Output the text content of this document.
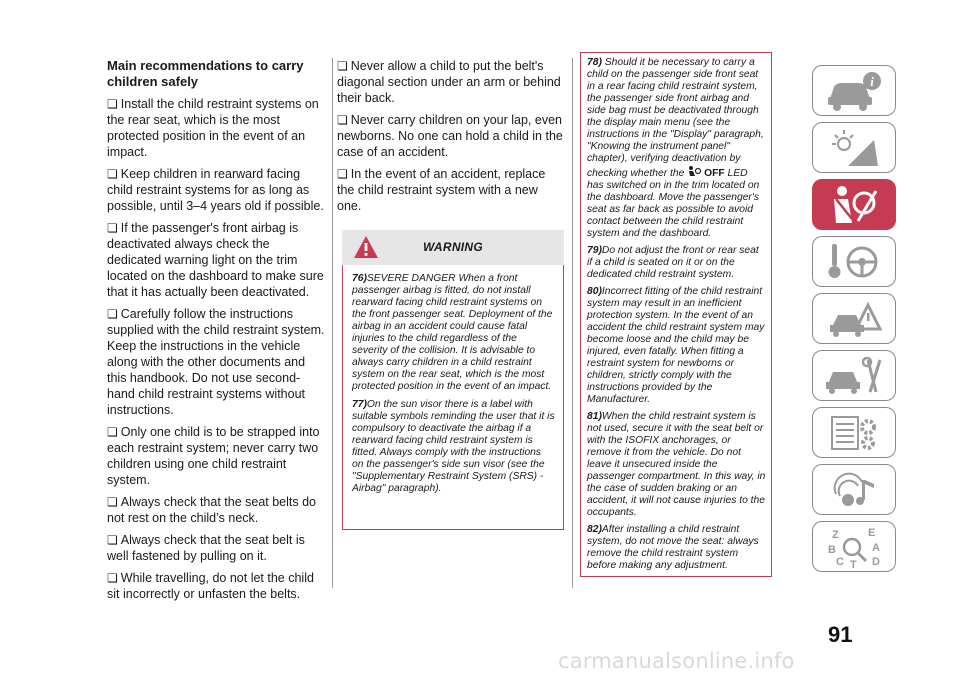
Main recommendations to carry children safely
❏ Install the child restraint systems on the rear seat, which is the most protected position in the event of an impact.
❏ Keep children in rearward facing child restraint systems for as long as possible, until 3–4 years old if possible.
❏ If the passenger's front airbag is deactivated always check the dedicated warning light on the trim located on the dashboard to make sure that it has actually been deactivated.
❏ Carefully follow the instructions supplied with the child restraint system. Keep the instructions in the vehicle along with the other documents and this handbook. Do not use second-hand child restraint systems without instructions.
❏ Only one child is to be strapped into each restraint system; never carry two children using one child restraint system.
❏ Always check that the seat belts do not rest on the child’s neck.
❏ Always check that the seat belt is well fastened by pulling on it.
❏ While travelling, do not let the child sit incorrectly or unfasten the belts.
❏ Never allow a child to put the belt's diagonal section under an arm or behind their back.
❏ Never carry children on your lap, even newborns. No one can hold a child in the case of an accident.
❏ In the event of an accident, replace the child restraint system with a new one.
WARNING
76)SEVERE DANGER When a front passenger airbag is fitted, do not install rearward facing child restraint systems on the front passenger seat. Deployment of the airbag in an accident could cause fatal injuries to the child regardless of the severity of the collision. It is advisable to always carry children in a child restraint system on the rear seat, which is the most protected position in the event of an impact.
77)On the sun visor there is a label with suitable symbols reminding the user that it is compulsory to deactivate the airbag if a rearward facing child restraint system is fitted. Always comply with the instructions on the passenger's side sun visor (see the "Supplementary Restraint System (SRS) - Airbag" paragraph).
78) Should it be necessary to carry a child on the passenger side front seat in a rear facing child restraint system, the passenger side front airbag and side bag must be deactivated through the display main menu (see the instructions in the "Display" paragraph, "Knowing the instrument panel" chapter), verifying deactivation by checking whether the OFF LED has switched on in the trim located on the dashboard. Move the passenger's seat as far back as possible to avoid contact between the child restraint system and the dashboard.
79)Do not adjust the front or rear seat if a child is seated on it or on the dedicated child restraint system.
80)Incorrect fitting of the child restraint system may result in an inefficient protection system. In the event of an accident the child restraint system may become loose and the child may be injured, even fatally. When fitting a restraint system for newborns or children, strictly comply with the instructions provided by the Manufacturer.
81)When the child restraint system is not used, secure it with the seat belt or with the ISOFIX anchorages, or remove it from the vehicle. Do not leave it unsecured inside the passenger compartment. In this way, in the case of sudden braking or an accident, it will not cause injuries to the occupants.
82)After installing a child restraint system, do not move the seat: always remove the child restraint system before making any adjustment.
i
Z	E
B	A
C T D
91
carmanualsonline.info
